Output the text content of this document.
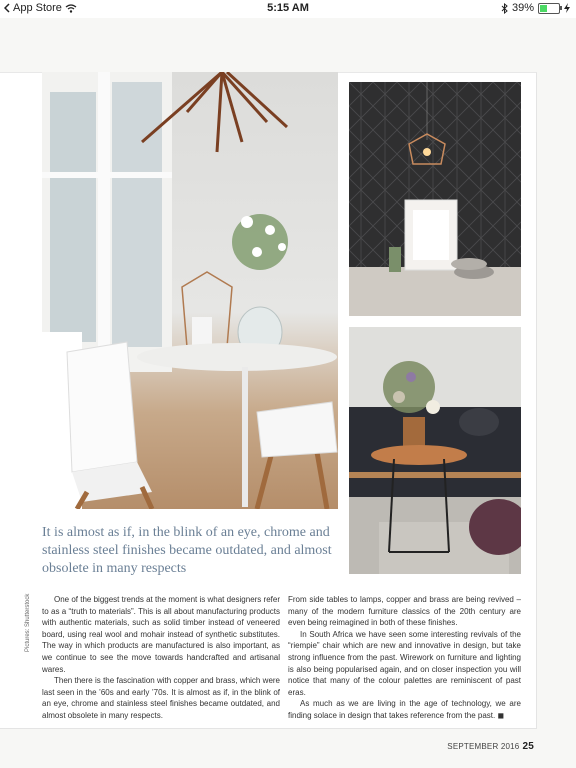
App Store	5:15 AM	39%
It is almost as if, in the blink of an eye, chrome and stainless steel finishes became outdated, and almost obsolete in many respects

One of the biggest trends at the moment is what designers refer to as a “truth to materials”. This is all about manufacturing products with authentic materials, such as solid timber instead of veneered board, using real wool and mohair instead of synthetic substitutes. The way in which products are manufactured is also important, as we continue to see the move towards handcrafted and artisanal wares.

Then there is the fascination with copper and brass, which were last seen in the ’60s and early ’70s. It is almost as if, in the blink of an eye, chrome and stainless steel finishes became outdated, and almost obsolete in many respects.

From side tables to lamps, copper and brass are being revived – many of the modern furniture classics of the 20th century are even being reimagined in both of these finishes.

In South Africa we have seen some interesting revivals of the “riempie” chair which are new and innovative in design, but take strong influence from the past. Wirework on furniture and lighting is also being popularised again, and on closer inspection you will notice that many of the colour palettes are reminiscent of past eras.

As much as we are living in the age of technology, we are finding solace in design that takes reference from the past. ◼

Pictures: Shutterstock
SEPTEMBER 2016 25
